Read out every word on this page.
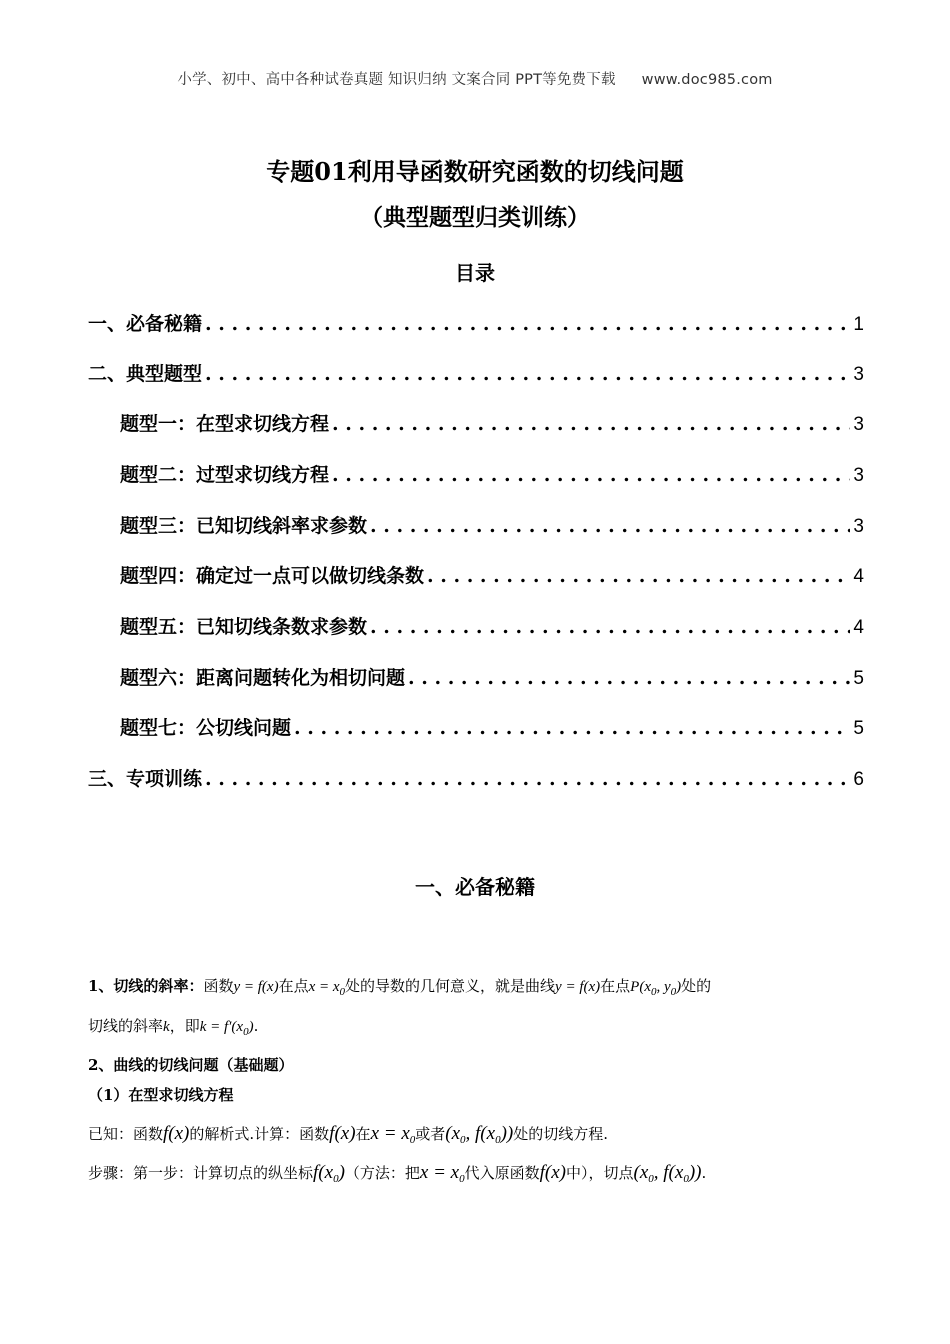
小学、初中、高中各种试卷真题 知识归纳 文案合同 PPT等免费下载 www.doc985.com
专题01利用导函数研究函数的切线问题
（典型题型归类训练）
目录
一、必备秘籍 . . .	1
二、典型题型 . . .	3
题型一：在型求切线方程 . . .	3
题型二：过型求切线方程 . . .	3
题型三：已知切线斜率求参数 . . .	3
题型四：确定过一点可以做切线条数 . . .	4
题型五：已知切线条数求参数 . . .	4
题型六：距离问题转化为相切问题 . . .	5
题型七：公切线问题 . . .	5
三、专项训练 . . .	6
一、必备秘籍
1、切线的斜率：函数y = f(x)在点$x = x_0$处的导数的几何意义，就是曲线y = f(x)在点$P(x_0$, $y_0$)处的
切线的斜率k，即$k = f'(x_0)$.
2、曲线的切线问题（基础题）
（1）在型求切线方程
已知：函数f(x)的解析式.计算：函数f(x)在$x = x_0$或者($x_0$, $f(x_0)$)处的切线方程.
步骤：第一步：计算切点的纵坐标$f(x_0)$（方法：把$x = x_0$代入原函数f(x)中），切点($x_0$, $f(x_0)$).
